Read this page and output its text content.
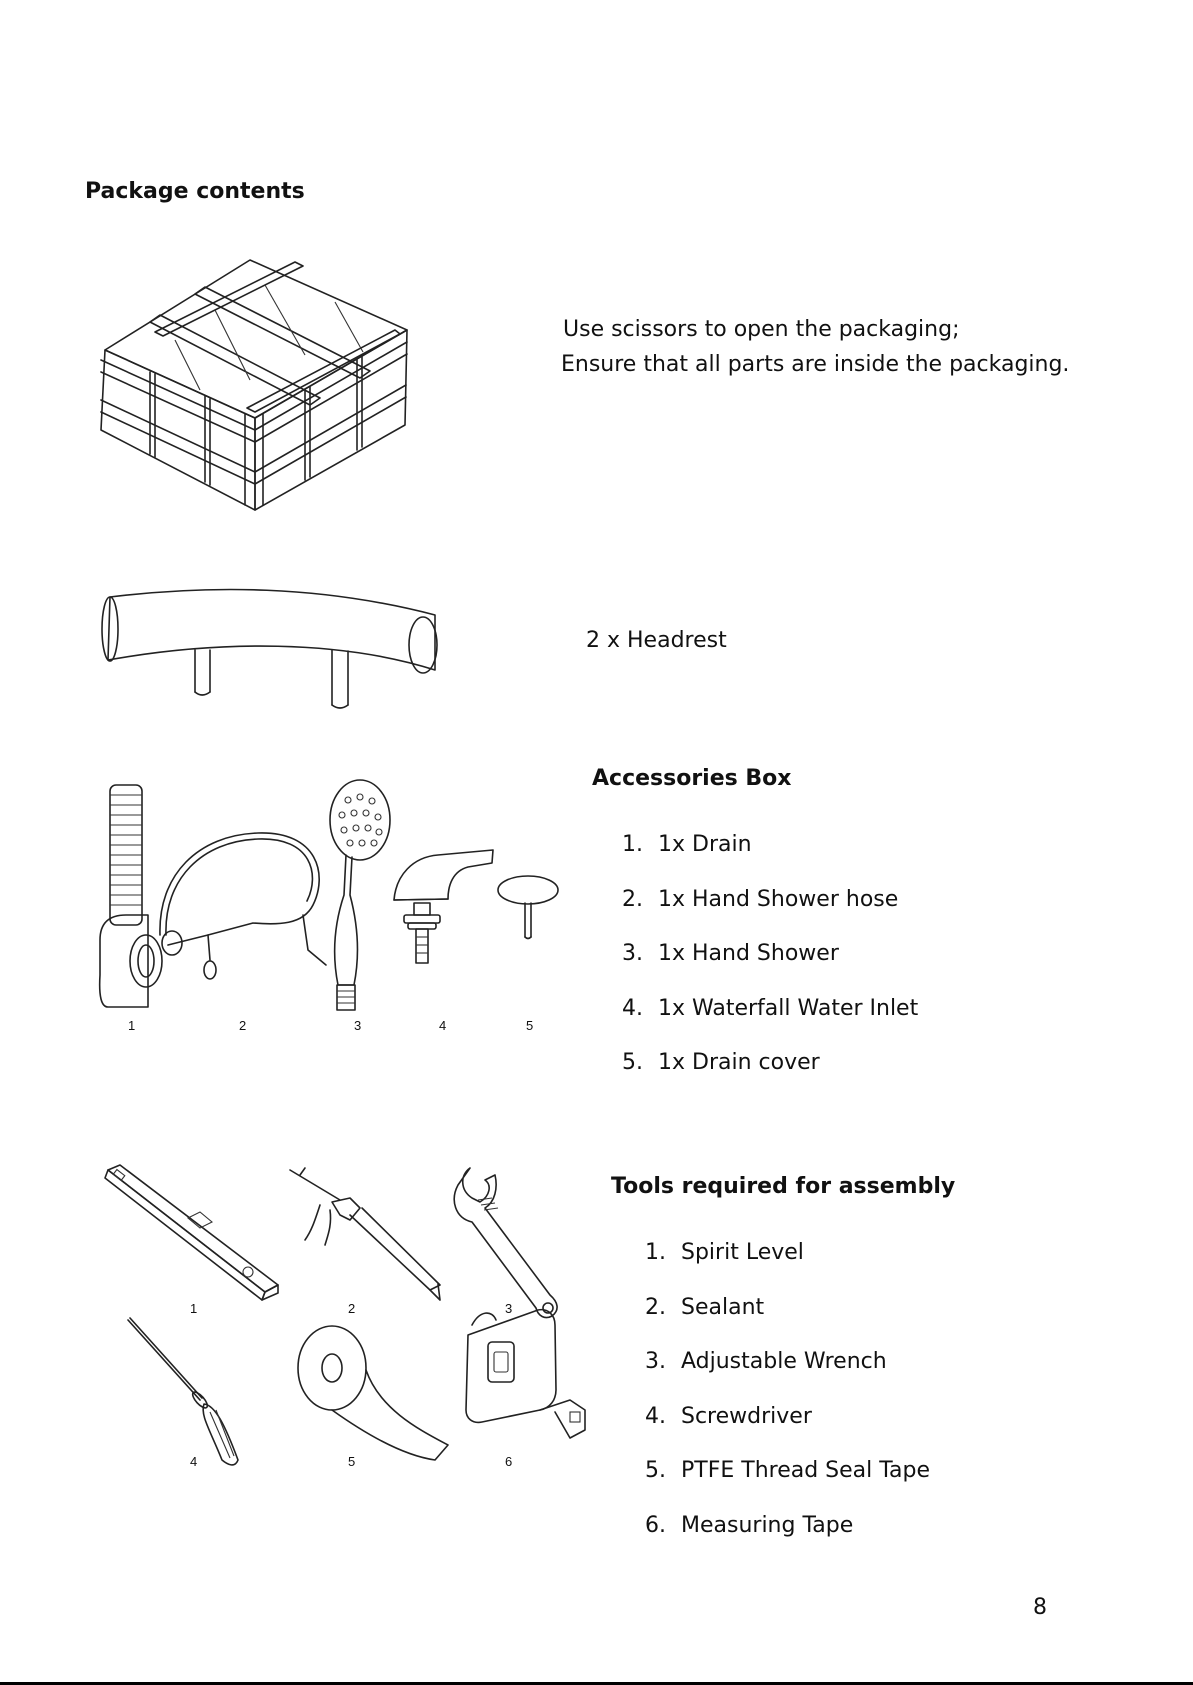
Package contents
Use scissors to open the packaging;
Ensure that all parts are inside the packaging.
2 x Headrest
1	2	3	4	5
Accessories Box
1. 1x Drain
2. 1x Hand Shower hose
3. 1x Hand Shower
4. 1x Waterfall Water Inlet
5. 1x Drain cover
1	2	3
4	5	6
Tools required for assembly
1. Spirit Level
2. Sealant
3. Adjustable Wrench
4. Screwdriver
5. PTFE Thread Seal Tape
6. Measuring Tape
8
